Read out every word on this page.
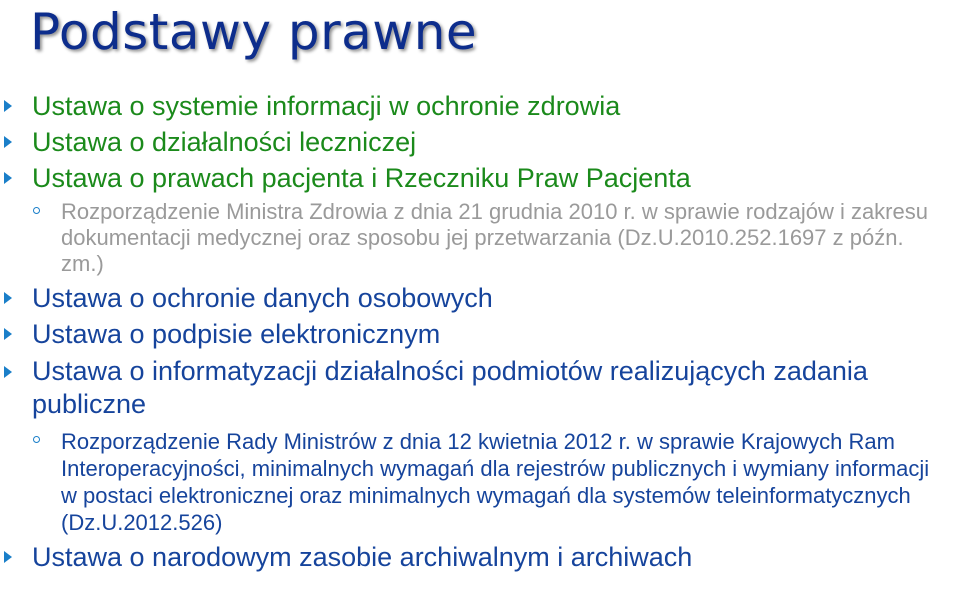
Podstawy prawne
Ustawa o systemie informacji w ochronie zdrowia
Ustawa o działalności leczniczej
Ustawa o prawach pacjenta i Rzeczniku Praw Pacjenta
Rozporządzenie Ministra Zdrowia z dnia 21 grudnia 2010 r. w sprawie rodzajów i zakresu dokumentacji medycznej oraz sposobu jej przetwarzania (Dz.U.2010.252.1697 z późn. zm.)
Ustawa o ochronie danych osobowych
Ustawa o podpisie elektronicznym
Ustawa o informatyzacji działalności podmiotów realizujących zadania publiczne
Rozporządzenie Rady Ministrów z dnia 12 kwietnia 2012 r. w sprawie Krajowych Ram Interoperacyjności, minimalnych wymagań dla rejestrów publicznych i wymiany informacji w postaci elektronicznej oraz minimalnych wymagań dla systemów teleinformatycznych (Dz.U.2012.526)
Ustawa o narodowym zasobie archiwalnym i archiwach
